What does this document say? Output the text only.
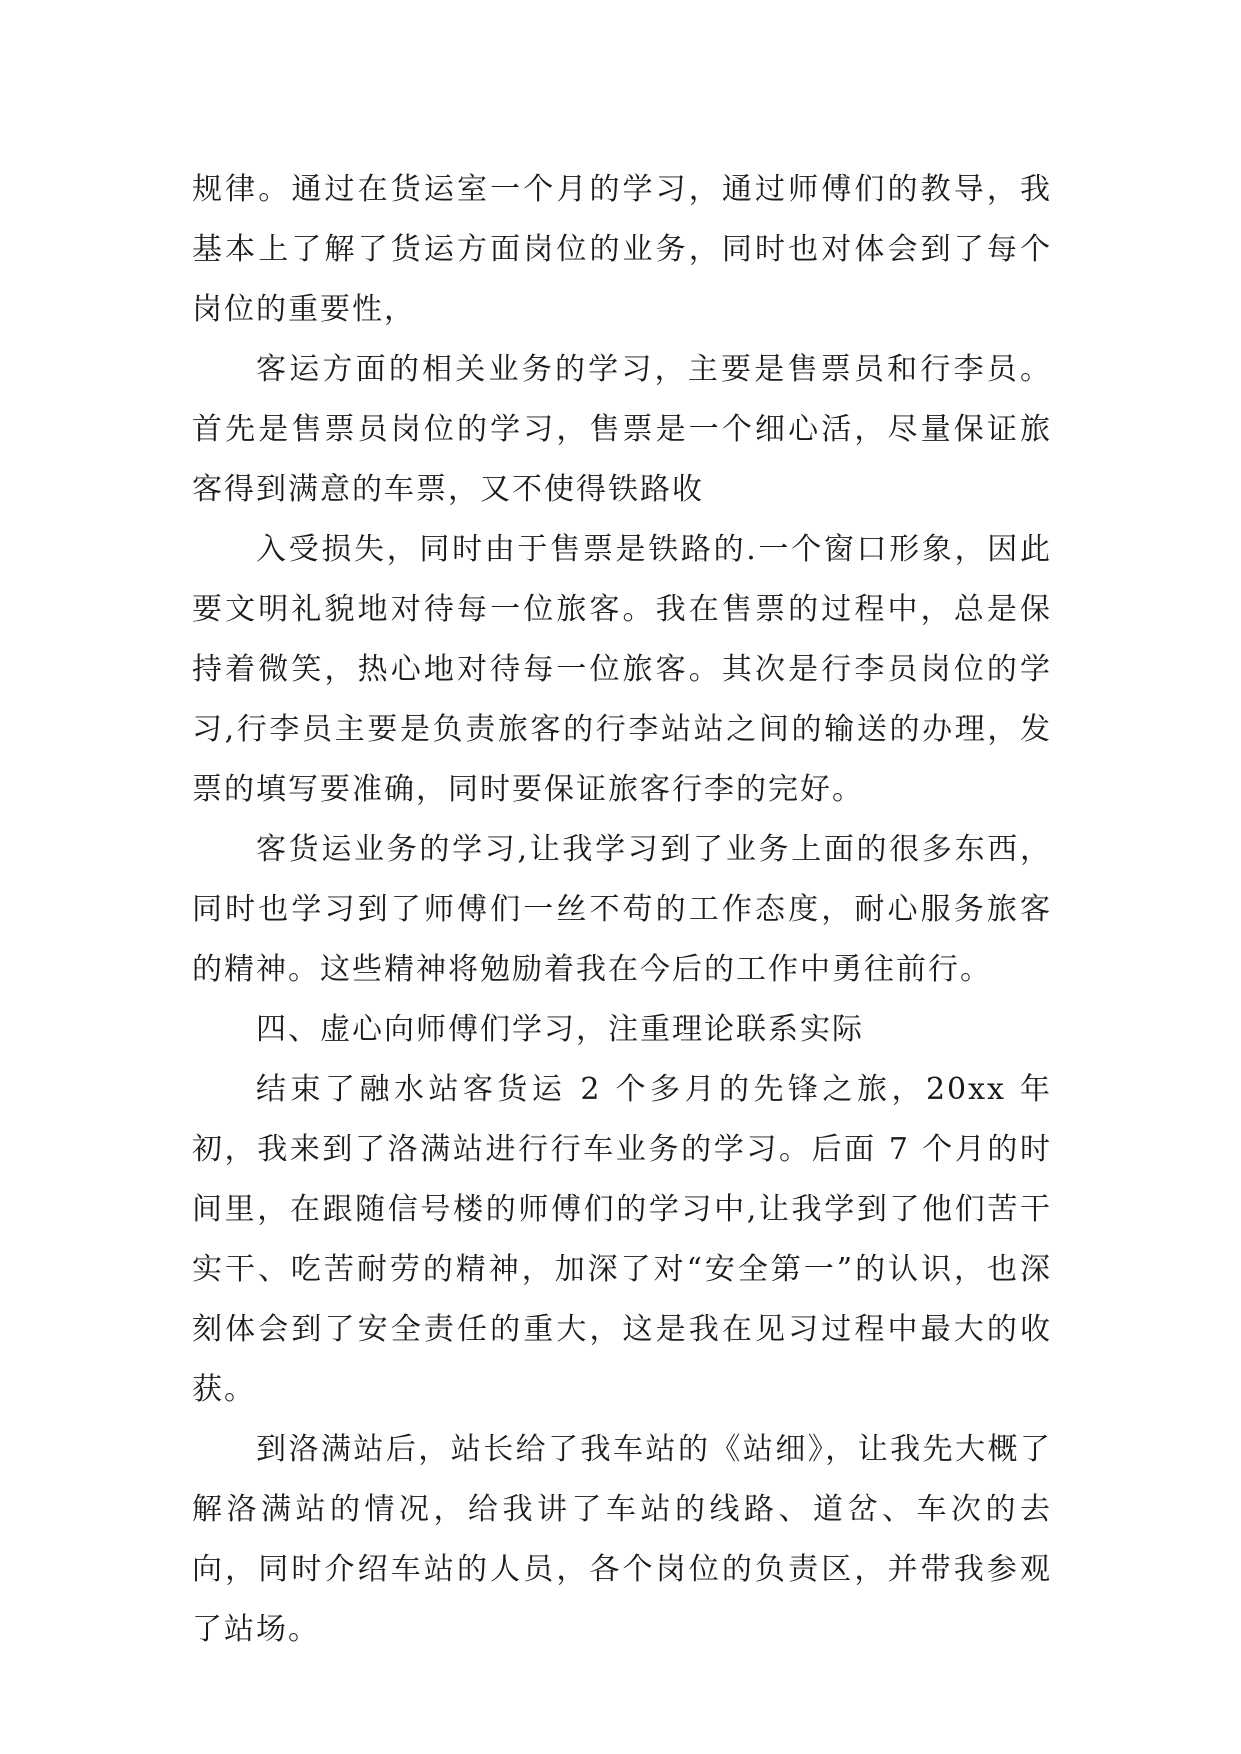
规律。通过在货运室一个月的学习，通过师傅们的教导，我基本上了解了货运方面岗位的业务，同时也对体会到了每个岗位的重要性，

客运方面的相关业务的学习，主要是售票员和行李员。首先是售票员岗位的学习，售票是一个细心活，尽量保证旅客得到满意的车票，又不使得铁路收

入受损失，同时由于售票是铁路的.一个窗口形象，因此要文明礼貌地对待每一位旅客。我在售票的过程中，总是保持着微笑，热心地对待每一位旅客。其次是行李员岗位的学习,行李员主要是负责旅客的行李站站之间的输送的办理，发票的填写要准确，同时要保证旅客行李的完好。

客货运业务的学习,让我学习到了业务上面的很多东西，同时也学习到了师傅们一丝不苟的工作态度，耐心服务旅客的精神。这些精神将勉励着我在今后的工作中勇往前行。

四、虚心向师傅们学习，注重理论联系实际

结束了融水站客货运 2 个多月的先锋之旅，20xx 年初，我来到了洛满站进行行车业务的学习。后面 7 个月的时间里，在跟随信号楼的师傅们的学习中,让我学到了他们苦干实干、吃苦耐劳的精神，加深了对“安全第一”的认识，也深刻体会到了安全责任的重大，这是我在见习过程中最大的收获。

到洛满站后，站长给了我车站的《站细》，让我先大概了解洛满站的情况，给我讲了车站的线路、道岔、车次的去向，同时介绍车站的人员，各个岗位的负责区，并带我参观了站场。
